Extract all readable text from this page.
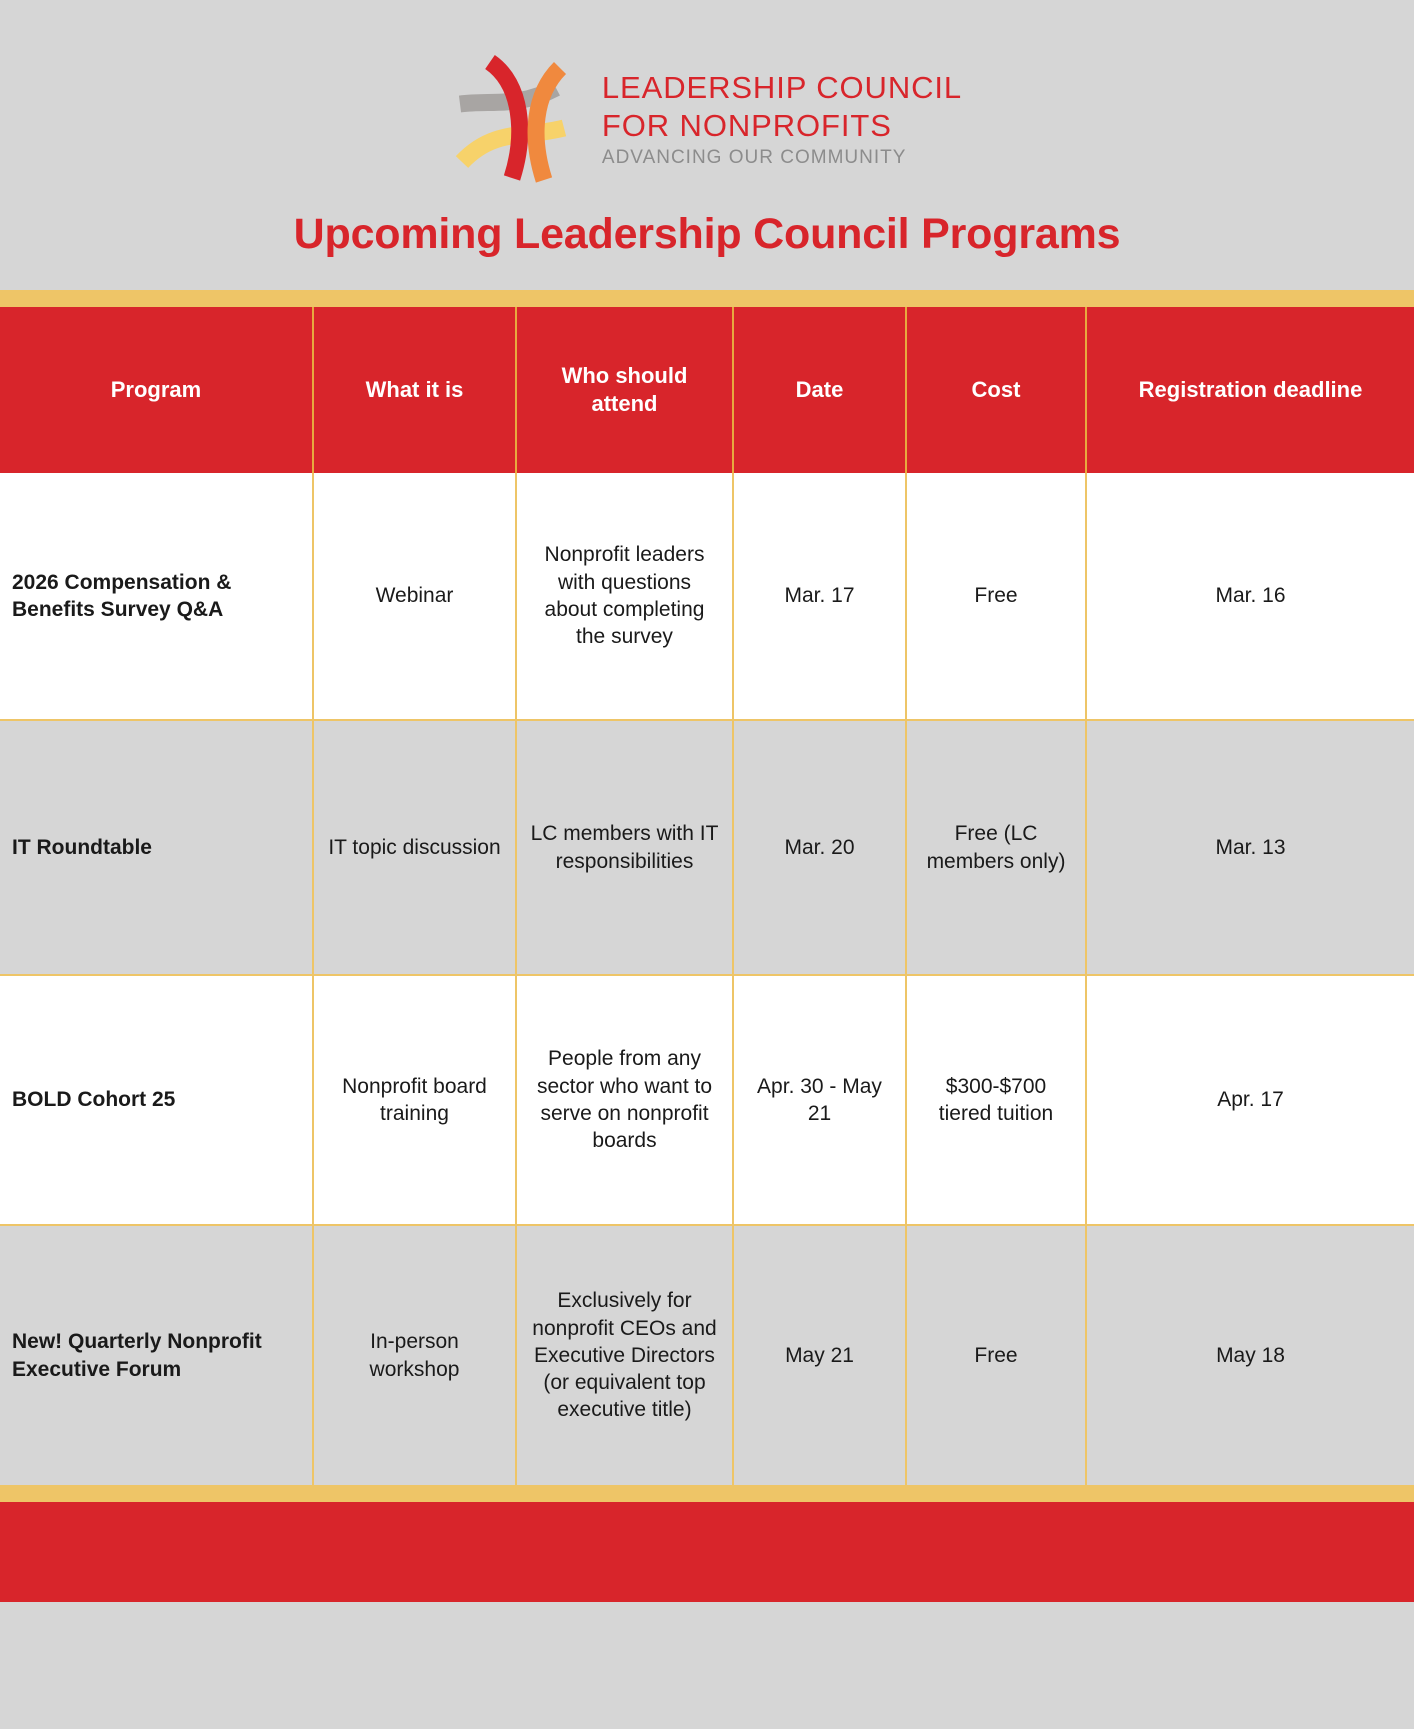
LEADERSHIP COUNCIL
FOR NONPROFITS
ADVANCING OUR COMMUNITY
Upcoming Leadership Council Programs
Program	What it is	Who should attend	Date	Cost	Registration deadline
2026 Compensation & Benefits Survey Q&A	Webinar	Nonprofit leaders with questions about completing the survey	Mar. 17	Free	Mar. 16
IT Roundtable	IT topic discussion	LC members with IT responsibilities	Mar. 20	Free (LC members only)	Mar. 13
BOLD Cohort 25	Nonprofit board training	People from any sector who want to serve on nonprofit boards	Apr. 30 - May 21	$300-$700 tiered tuition	Apr. 17
New! Quarterly Nonprofit Executive Forum	In-person workshop	Exclusively for nonprofit CEOs and Executive Directors (or equivalent top executive title)	May 21	Free	May 18
